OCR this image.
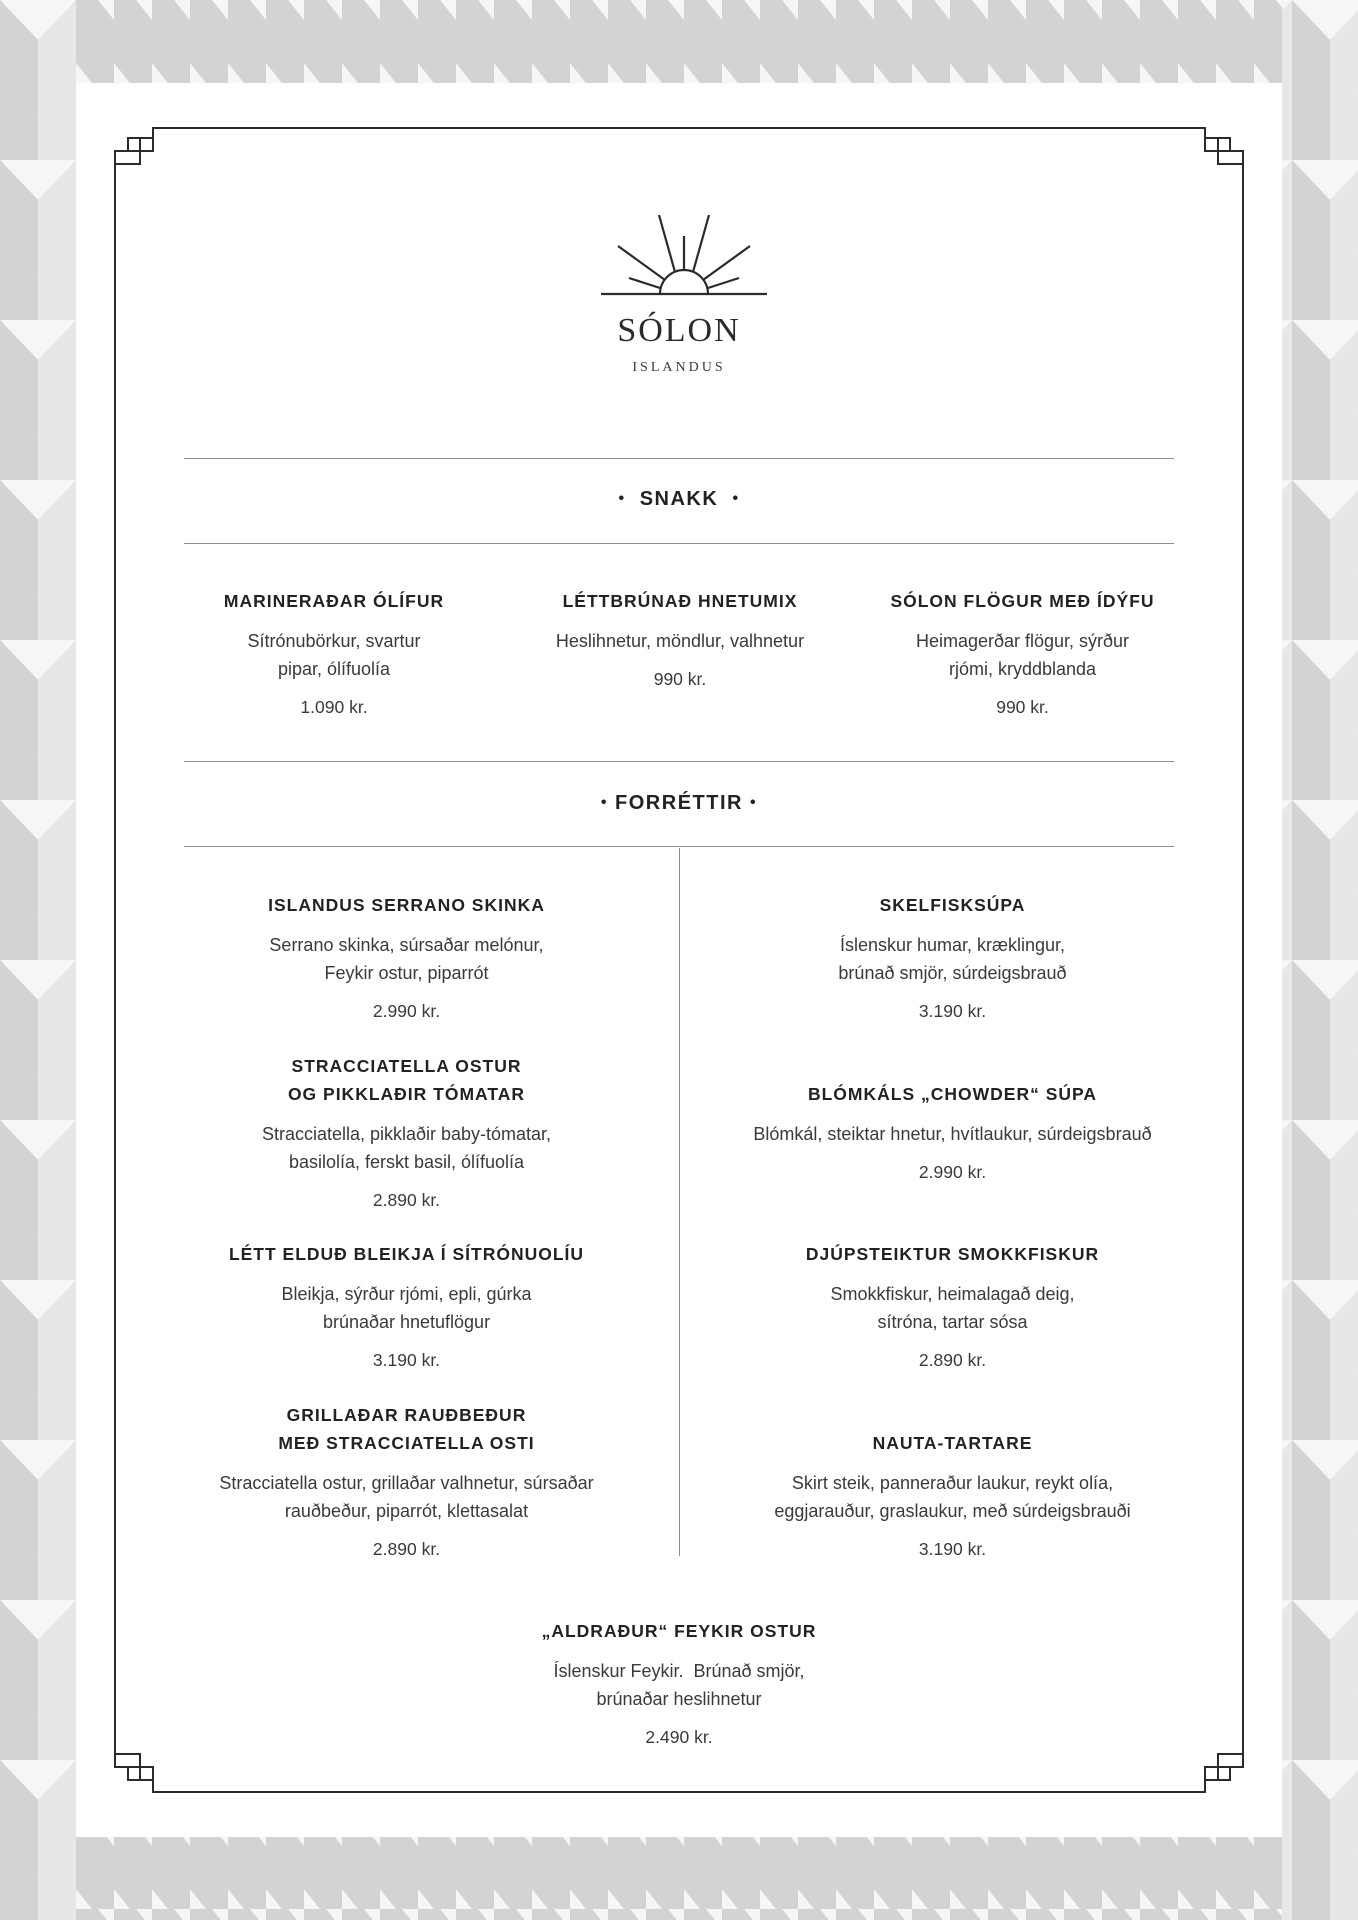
SÓLON
ISLANDUS
• SNAKK •
MARINERAÐAR ÓLÍFUR
Sítrónubörkur, svartur
pipar, ólífuolía
1.090 kr.
LÉTTBRÚNAÐ HNETUMIX
Heslihnetur, möndlur, valhnetur
990 kr.
SÓLON FLÖGUR MEÐ ÍDÝFU
Heimagerðar flögur, sýrður
rjómi, kryddblanda
990 kr.
• FORRÉTTIR •
ISLANDUS SERRANO SKINKA
Serrano skinka, súrsaðar melónur,
Feykir ostur, piparrót
2.990 kr.
STRACCIATELLA OSTUR
OG PIKKLAÐIR TÓMATAR
Stracciatella, pikklaðir baby-tómatar,
basilolía, ferskt basil, ólífuolía
2.890 kr.
LÉTT ELDUÐ BLEIKJA Í SÍTRÓNUOLÍU
Bleikja, sýrður rjómi, epli, gúrka
brúnaðar hnetuflögur
3.190 kr.
GRILLAÐAR RAUÐBEÐUR
MEÐ STRACCIATELLA OSTI
Stracciatella ostur, grillaðar valhnetur, súrsaðar
rauðbeður, piparrót, klettasalat
2.890 kr.
SKELFISKSÚPA
Íslenskur humar, kræklingur,
brúnað smjör, súrdeigsbrauð
3.190 kr.
BLÓMKÁLS „CHOWDER“ SÚPA
Blómkál, steiktar hnetur, hvítlaukur, súrdeigsbrauð
2.990 kr.
DJÚPSTEIKTUR SMOKKFISKUR
Smokkfiskur, heimalagað deig,
sítróna, tartar sósa
2.890 kr.
NAUTA-TARTARE
Skirt steik, panneraður laukur, reykt olía,
eggjarauður, graslaukur, með súrdeigsbrauði
3.190 kr.
„ALDRAÐUR“ FEYKIR OSTUR
Íslenskur Feykir.  Brúnað smjör,
brúnaðar heslihnetur
2.490 kr.
